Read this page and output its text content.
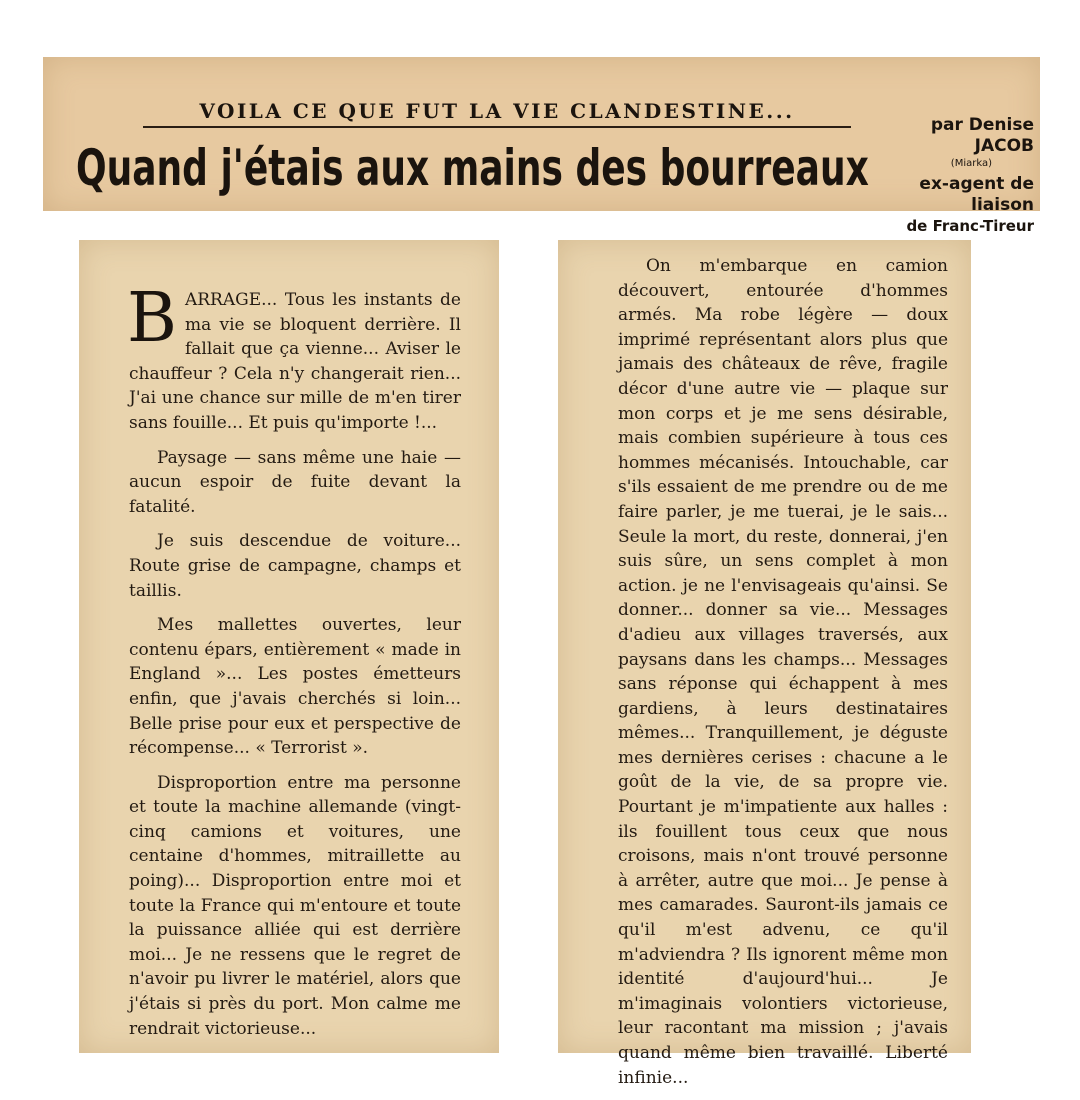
VOILA CE QUE FUT LA VIE CLANDESTINE...
Quand j'étais aux mains des bourreaux
par Denise JACOB
(Miarka)
ex-agent de liaison
de Franc-Tireur

BARRAGE... Tous les instants de ma vie se bloquent derrière. Il fallait que ça vienne... Aviser le chauffeur ? Cela n'y changerait rien... J'ai une chance sur mille de m'en tirer sans fouille... Et puis qu'importe !...

Paysage — sans même une haie — aucun espoir de fuite devant la fatalité.

Je suis descendue de voiture... Route grise de campagne, champs et taillis.

Mes mallettes ouvertes, leur contenu épars, entièrement « made in England »... Les postes émetteurs enfin, que j'avais cherchés si loin... Belle prise pour eux et perspective de récompense... « Terrorist ».

Disproportion entre ma personne et toute la machine allemande (vingt-cinq camions et voitures, une centaine d'hommes, mitraillette au poing)... Disproportion entre moi et toute la France qui m'entoure et toute la puissance alliée qui est derrière moi... Je ne ressens que le regret de n'avoir pu livrer le matériel, alors que j'étais si près du port. Mon calme me rendrait victorieuse...

On m'embarque en camion découvert, entourée d'hommes armés. Ma robe légère — doux imprimé représentant alors plus que jamais des châteaux de rêve, fragile décor d'une autre vie — plaque sur mon corps et je me sens désirable, mais combien supérieure à tous ces hommes mécanisés. Intouchable, car s'ils essaient de me prendre ou de me faire parler, je me tuerai, je le sais... Seule la mort, du reste, donnerai, j'en suis sûre, un sens complet à mon action. je ne l'envisageais qu'ainsi. Se donner... donner sa vie... Messages d'adieu aux villages traversés, aux paysans dans les champs... Messages sans réponse qui échappent à mes gardiens, à leurs destinataires mêmes... Tranquillement, je déguste mes dernières cerises : chacune a le goût de la vie, de sa propre vie. Pourtant je m'impatiente aux halles : ils fouillent tous ceux que nous croisons, mais n'ont trouvé personne à arrêter, autre que moi... Je pense à mes camarades. Sauront-ils jamais ce qu'il m'est advenu, ce qu'il m'adviendra ? Ils ignorent même mon identité d'aujourd'hui... Je m'imaginais volontiers victorieuse, leur racontant ma mission ; j'avais quand même bien travaillé. Liberté infinie...
